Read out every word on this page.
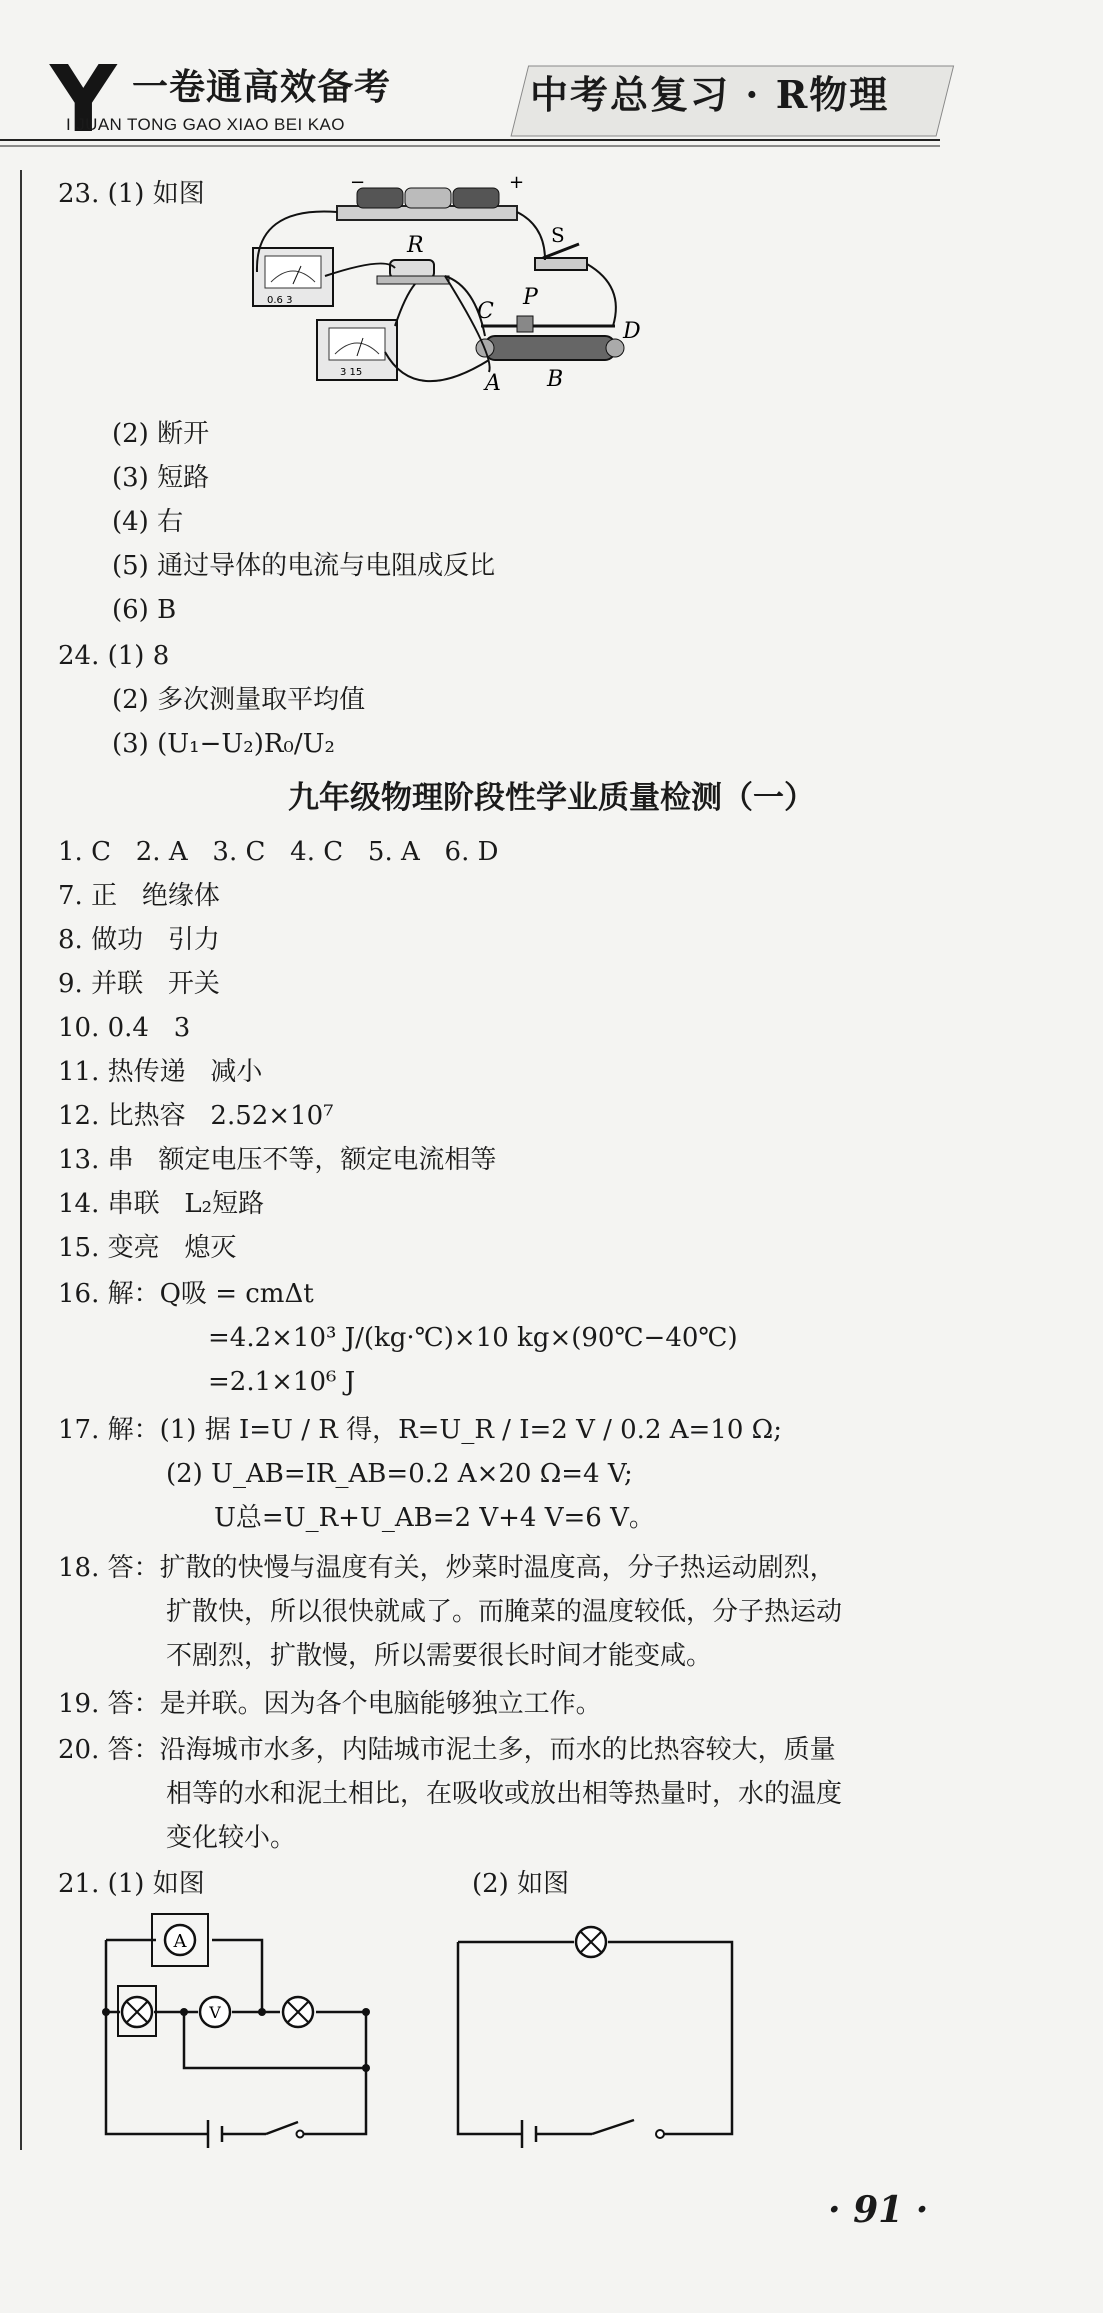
Y 一卷通高效备考
I JUAN TONG GAO XIAO BEI KAO
中考总复习 · R物理
23. (1) 如图	−	+
0.6 3
R
3 15
S
C
P
D
A B
(2) 断开
(3) 短路
(4) 右
(5) 通过导体的电流与电阻成反比
(6) B
24. (1) 8
(2) 多次测量取平均值
(3) (U₁−U₂)R₀/U₂
九年级物理阶段性学业质量检测（一）
1. C   2. A   3. C   4. C   5. A   6. D
7. 正   绝缘体
8. 做功   引力
9. 并联   开关
10. 0.4   3
11. 热传递   减小
12. 比热容   2.52×10⁷
13. 串   额定电压不等，额定电流相等
14. 串联   L₂短路
15. 变亮   熄灭
16. 解：Q吸 = cmΔt
=4.2×10³ J/(kg·℃)×10 kg×(90℃−40℃)
=2.1×10⁶ J
17. 解：(1) 据 I=U / R 得，R=U_R / I=2 V / 0.2 A=10 Ω;
(2) U_AB=IR_AB=0.2 A×20 Ω=4 V;
U总=U_R+U_AB=2 V+4 V=6 V。
18. 答：扩散的快慢与温度有关，炒菜时温度高，分子热运动剧烈，
扩散快，所以很快就咸了。而腌菜的温度较低，分子热运动
不剧烈，扩散慢，所以需要很长时间才能变咸。
19. 答：是并联。因为各个电脑能够独立工作。
20. 答：沿海城市水多，内陆城市泥土多，而水的比热容较大，质量
相等的水和泥土相比，在吸收或放出相等热量时，水的温度
变化较小。
21. (1) 如图	(2) 如图
A
V
· 91 ·
